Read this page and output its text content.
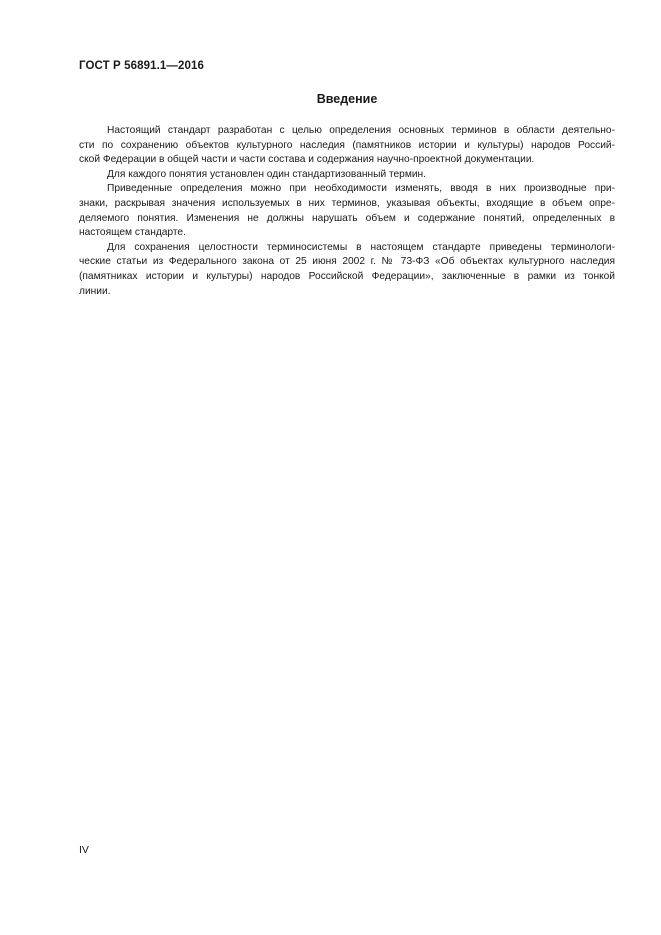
ГОСТ Р 56891.1—2016

Введение

Настоящий стандарт разработан с целью определения основных терминов в области деятельно-
сти по сохранению объектов культурного наследия (памятников истории и культуры) народов Россий-
ской Федерации в общей части и части состава и содержания научно-проектной документации.

Для каждого понятия установлен один стандартизованный термин.

Приведенные определения можно при необходимости изменять, вводя в них производные при-
знаки, раскрывая значения используемых в них терминов, указывая объекты, входящие в объем опре-
деляемого понятия. Изменения не должны нарушать объем и содержание понятий, определенных в
настоящем стандарте.

Для сохранения целостности терминосистемы в настоящем стандарте приведены терминологи-
ческие статьи из Федерального закона от 25 июня 2002 г. № 73-ФЗ «Об объектах культурного наследия
(памятниках истории и культуры) народов Российской Федерации», заключенные в рамки из тонкой
линии.

IV
